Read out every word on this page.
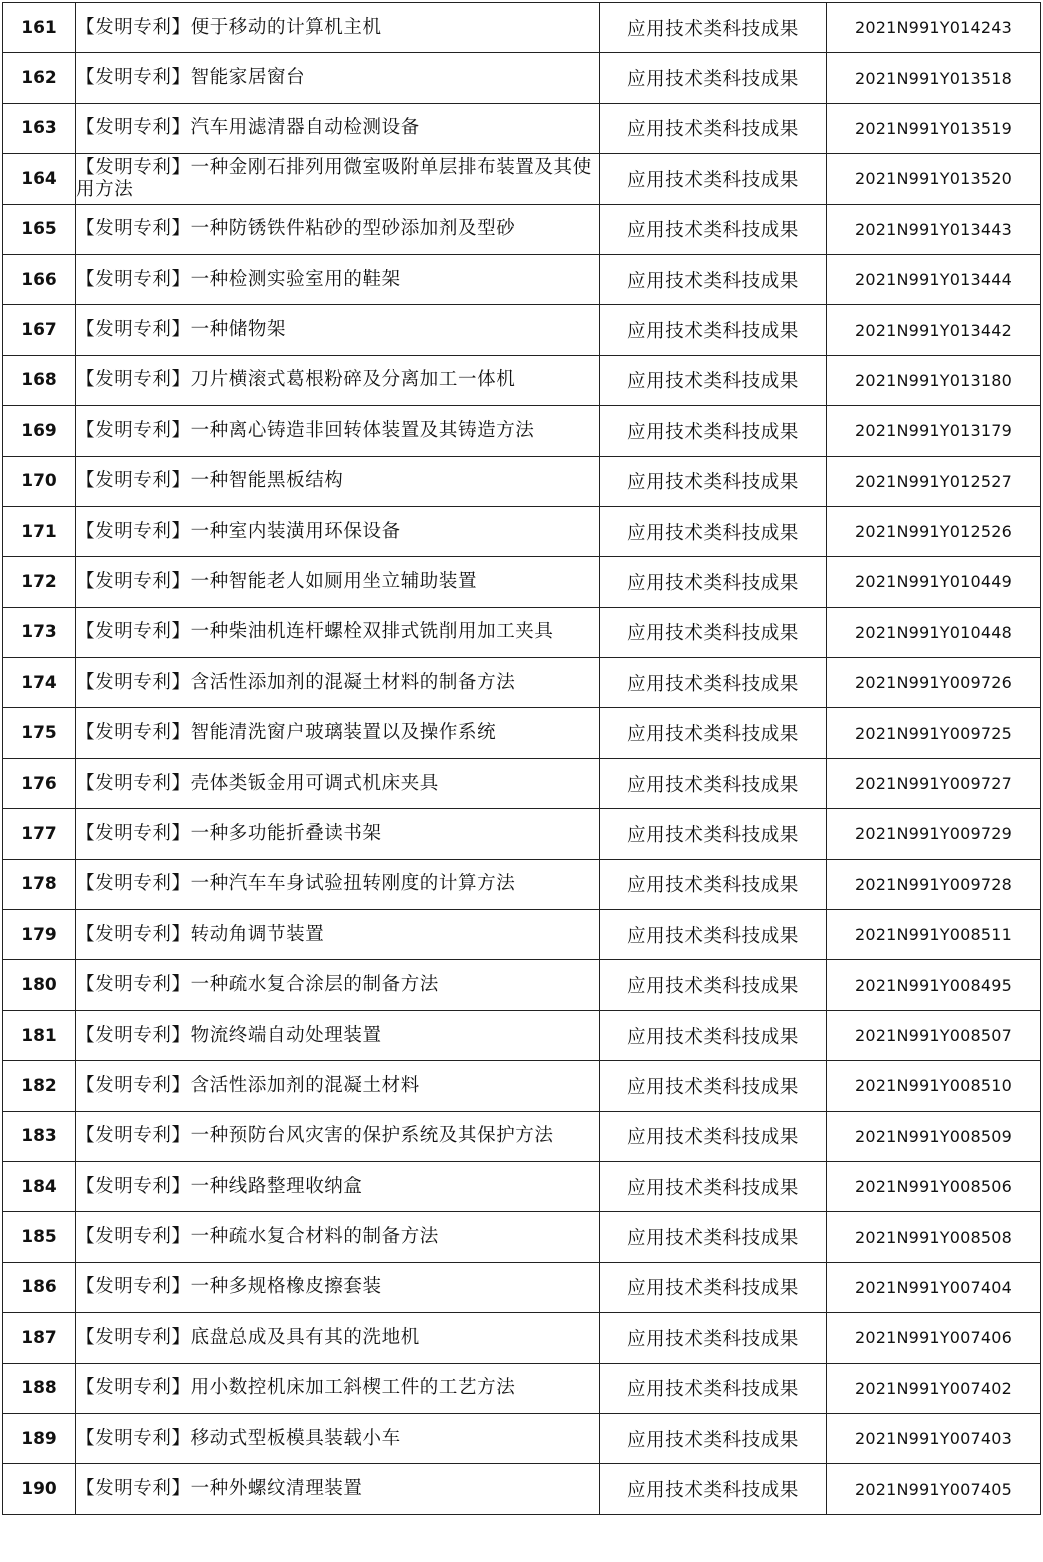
161	【发明专利】便于移动的计算机主机	应用技术类科技成果	2021N991Y014243
162	【发明专利】智能家居窗台	应用技术类科技成果	2021N991Y013518
163	【发明专利】汽车用滤清器自动检测设备	应用技术类科技成果	2021N991Y013519
164	【发明专利】一种金刚石排列用微室吸附单层排布装置及其使用方法	应用技术类科技成果	2021N991Y013520
165	【发明专利】一种防锈铁件粘砂的型砂添加剂及型砂	应用技术类科技成果	2021N991Y013443
166	【发明专利】一种检测实验室用的鞋架	应用技术类科技成果	2021N991Y013444
167	【发明专利】一种储物架	应用技术类科技成果	2021N991Y013442
168	【发明专利】刀片横滚式葛根粉碎及分离加工一体机	应用技术类科技成果	2021N991Y013180
169	【发明专利】一种离心铸造非回转体装置及其铸造方法	应用技术类科技成果	2021N991Y013179
170	【发明专利】一种智能黑板结构	应用技术类科技成果	2021N991Y012527
171	【发明专利】一种室内装潢用环保设备	应用技术类科技成果	2021N991Y012526
172	【发明专利】一种智能老人如厕用坐立辅助装置	应用技术类科技成果	2021N991Y010449
173	【发明专利】一种柴油机连杆螺栓双排式铣削用加工夹具	应用技术类科技成果	2021N991Y010448
174	【发明专利】含活性添加剂的混凝土材料的制备方法	应用技术类科技成果	2021N991Y009726
175	【发明专利】智能清洗窗户玻璃装置以及操作系统	应用技术类科技成果	2021N991Y009725
176	【发明专利】壳体类钣金用可调式机床夹具	应用技术类科技成果	2021N991Y009727
177	【发明专利】一种多功能折叠读书架	应用技术类科技成果	2021N991Y009729
178	【发明专利】一种汽车车身试验扭转刚度的计算方法	应用技术类科技成果	2021N991Y009728
179	【发明专利】转动角调节装置	应用技术类科技成果	2021N991Y008511
180	【发明专利】一种疏水复合涂层的制备方法	应用技术类科技成果	2021N991Y008495
181	【发明专利】物流终端自动处理装置	应用技术类科技成果	2021N991Y008507
182	【发明专利】含活性添加剂的混凝土材料	应用技术类科技成果	2021N991Y008510
183	【发明专利】一种预防台风灾害的保护系统及其保护方法	应用技术类科技成果	2021N991Y008509
184	【发明专利】一种线路整理收纳盒	应用技术类科技成果	2021N991Y008506
185	【发明专利】一种疏水复合材料的制备方法	应用技术类科技成果	2021N991Y008508
186	【发明专利】一种多规格橡皮擦套装	应用技术类科技成果	2021N991Y007404
187	【发明专利】底盘总成及具有其的洗地机	应用技术类科技成果	2021N991Y007406
188	【发明专利】用小数控机床加工斜楔工件的工艺方法	应用技术类科技成果	2021N991Y007402
189	【发明专利】移动式型板模具装载小车	应用技术类科技成果	2021N991Y007403
190	【发明专利】一种外螺纹清理装置	应用技术类科技成果	2021N991Y007405
